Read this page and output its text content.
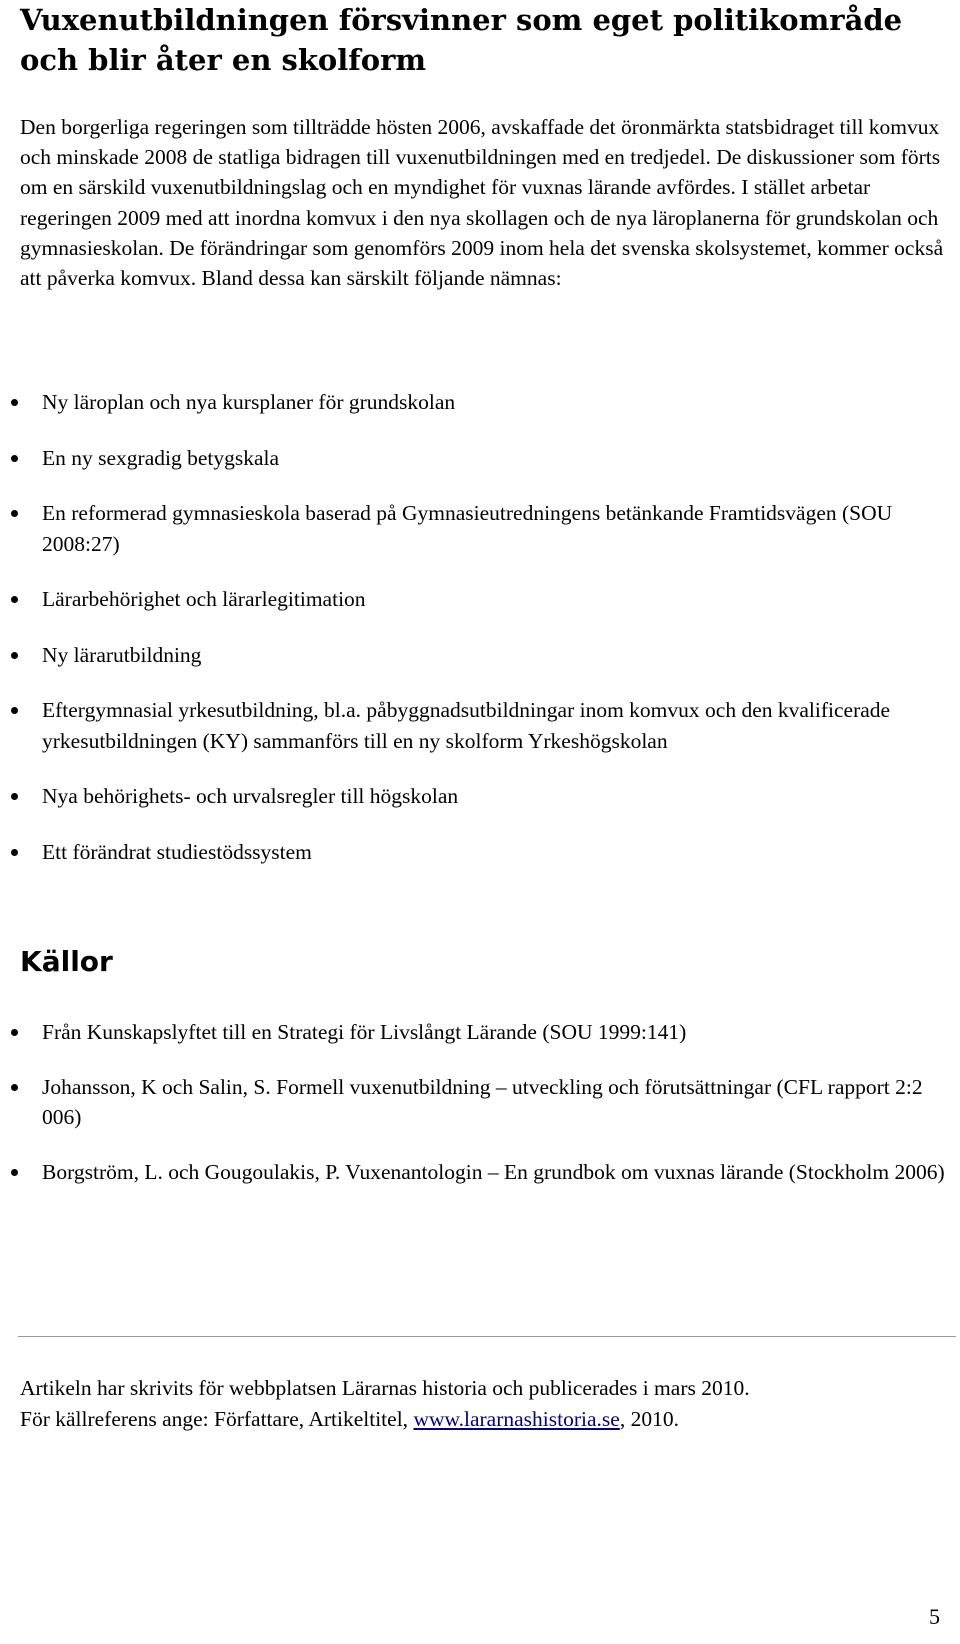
Vuxenutbildningen försvinner som eget politikområde och blir åter en skolform

Den borgerliga regeringen som tillträdde hösten 2006, avskaffade det öronmärkta statsbidraget till komvux och minskade 2008 de statliga bidragen till vuxenutbildningen med en tredjedel. De diskussioner som förts om en särskild vuxenutbildningslag och en myndighet för vuxnas lärande avfördes. I stället arbetar regeringen 2009 med att inordna komvux i den nya skollagen och de nya läroplanerna för grundskolan och gymnasieskolan. De förändringar som genomförs 2009 inom hela det svenska skolsystemet, kommer också att påverka komvux. Bland dessa kan särskilt följande nämnas:

Ny läroplan och nya kursplaner för grundskolan
En ny sexgradig betygskala
En reformerad gymnasieskola baserad på Gymnasieutredningens betänkande Framtidsvägen (SOU 2008:27)
Lärarbehörighet och lärarlegitimation
Ny lärarutbildning
Eftergymnasial yrkesutbildning, bl.a. påbyggnadsutbildningar inom komvux och den kvalificerade yrkesutbildningen (KY) sammanförs till en ny skolform Yrkeshögskolan
Nya behörighets- och urvalsregler till högskolan
Ett förändrat studiestödssystem
Källor
Från Kunskapslyftet till en Strategi för Livslångt Lärande (SOU 1999:141)
Johansson, K och Salin, S. Formell vuxenutbildning – utveckling och förutsättningar (CFL rapport 2:2 006)
Borgström, L. och Gougoulakis, P. Vuxenantologin – En grundbok om vuxnas lärande (Stockholm 2006)
Artikeln har skrivits för webbplatsen Lärarnas historia och publicerades i mars 2010.
För källreferens ange: Författare, Artikeltitel, www.lararnashistoria.se, 2010.
5
